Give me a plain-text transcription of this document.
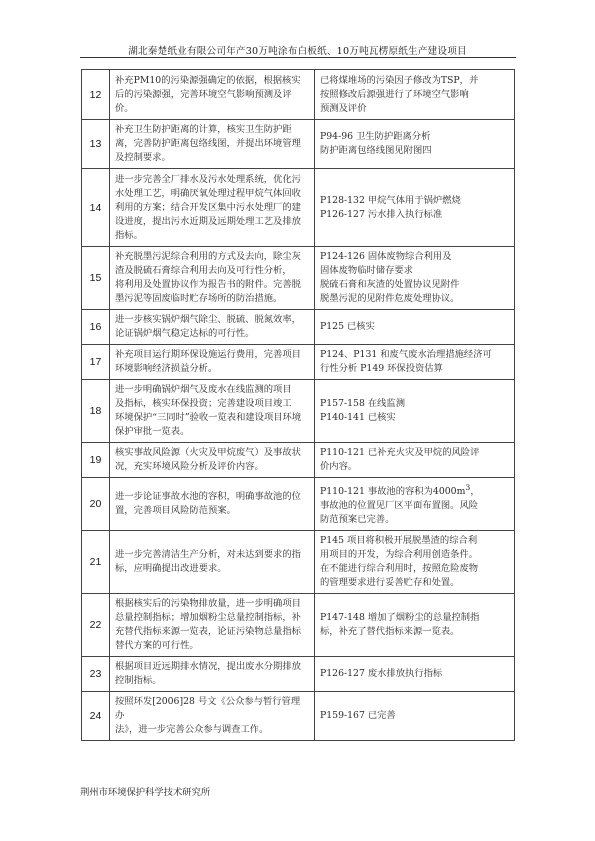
湖北秦楚纸业有限公司年产30万吨涂布白板纸、10万吨瓦楞原纸生产建设项目
12	补充PM10的污染源强确定的依据，根据核实
后的污染源强，完善环境空气影响预测及评
价。	已将煤堆场的污染因子修改为TSP，并
按照修改后源强进行了环境空气影响
预测及评价

13	补充卫生防护距离的计算，核实卫生防护距
离，完善防护距离包络线图，并提出环境管理
及控制要求。	P94-96 卫生防护距离分析
防护距离包络线图见附图四

14	进一步完善全厂排水及污水处理系统，优化污
水处理工艺，明确厌氧处理过程甲烷气体回收
利用的方案；结合开发区集中污水处理厂的建
设进度，提出污水近期及远期处理工艺及排放
指标。	P128-132 甲烷气体用于锅炉燃烧
P126-127 污水排入执行标准

15	补充脱墨污泥综合利用的方式及去向，除尘灰
渣及脱硫石膏综合利用去向及可行性分析，
将利用及处置协议作为报告书的附件。完善脱
墨污泥等固废临时贮存场所的防治措施。	P124-126 固体废物综合利用及
固体废物临时储存要求
脱硫石膏和灰渣的处置协议见附件
脱墨污泥的见附件危废处理协议。

16	进一步核实锅炉烟气除尘、脱硫、脱氮效率，
论证锅炉烟气稳定达标的可行性。	P125 已核实

17	补充项目运行期环保设施运行费用，完善项目
环境影响经济损益分析。	P124、P131 和废气废水治理措施经济可
行性分析 P149 环保投资估算

18	进一步明确锅炉烟气及废水在线监测的项目
及指标，核实环保投资；完善建设项目竣工
环境保护“三同时”验收一览表和建设项目环境
保护审批一览表。	P157-158 在线监测
P140-141 已核实

19	核实事故风险源（火灾及甲烷废气）及事故状
况，充实环境风险分析及评价内容。	P110-121 已补充火灾及甲烷的风险评
价内容。

20	进一步论证事故水池的容积，明确事故池的位
置，完善项目风险防范预案。	P110-121 事故池的容积为$4000m^3$，
事故池的位置见厂区平面布置图。风险
防范预案已完善。

21	进一步完善清洁生产分析，对未达到要求的指
标，应明确提出改进要求。	P145 项目将积极开展脱墨渣的综合利
用项目的开发，为综合利用创造条件。
在不能进行综合利用时，按照危险废物
的管理要求进行妥善贮存和处置。

22	根据核实后的污染物排放量，进一步明确项目
总量控制指标；增加烟粉尘总量控制指标，补
充替代指标来源一览表，论证污染物总量指标
替代方案的可行性。	P147-148 增加了烟粉尘的总量控制指
标，补充了替代指标来源一览表。

23	根据项目近远期排水情况，提出废水分期排放
控制指标。	P126-127 废水排放执行指标

24	按照环发[2006]28 号文《公众参与暂行管理办
法》，进一步完善公众参与调查工作。	P159-167 已完善
荆州市环境保护科学技术研究所
